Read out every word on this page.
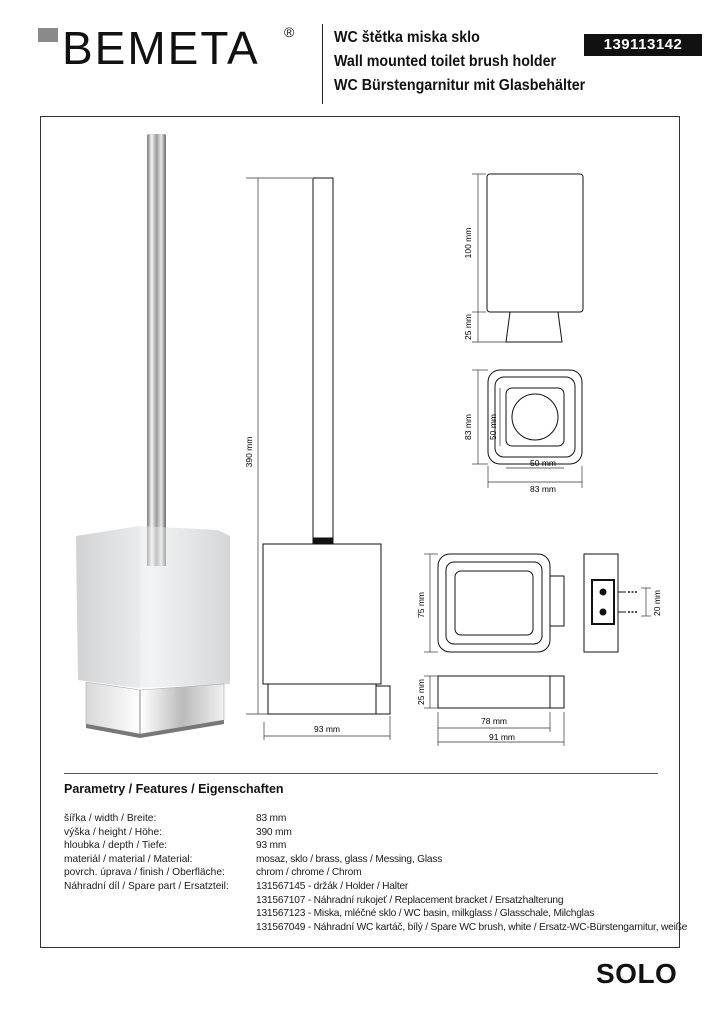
BEMETA ®	WC štětka miska sklo
Wall mounted toilet brush holder
WC Bürstengarnitur mit Glasbehälter
139113142
390 mm
93 mm
100 mm
25 mm
83 mm 50 mm
50 mm
83 mm
75 mm	20 mm
25 mm
78 mm
91 mm
Parametry / Features / Eigenschaften
šířka / width / Breite:	83 mm
výška / height / Höhe:	390 mm
hloubka / depth / Tiefe:	93 mm
materiál / material / Material:	mosaz, sklo / brass, glass / Messing, Glass
povrch. úprava / finish / Oberfläche:	chrom / chrome / Chrom
Náhradní díl / Spare part / Ersatzteil:	131567145 - držák / Holder / Halter
131567107 - Náhradní rukojeť / Replacement bracket / Ersatzhalterung
131567123 - Miska, mléčné sklo / WC basin, milkglass / Glasschale, Milchglas
131567049 - Náhradní WC kartáč, bílý / Spare WC brush, white / Ersatz-WC-Bürstengarnitur, weiße
SOLO
